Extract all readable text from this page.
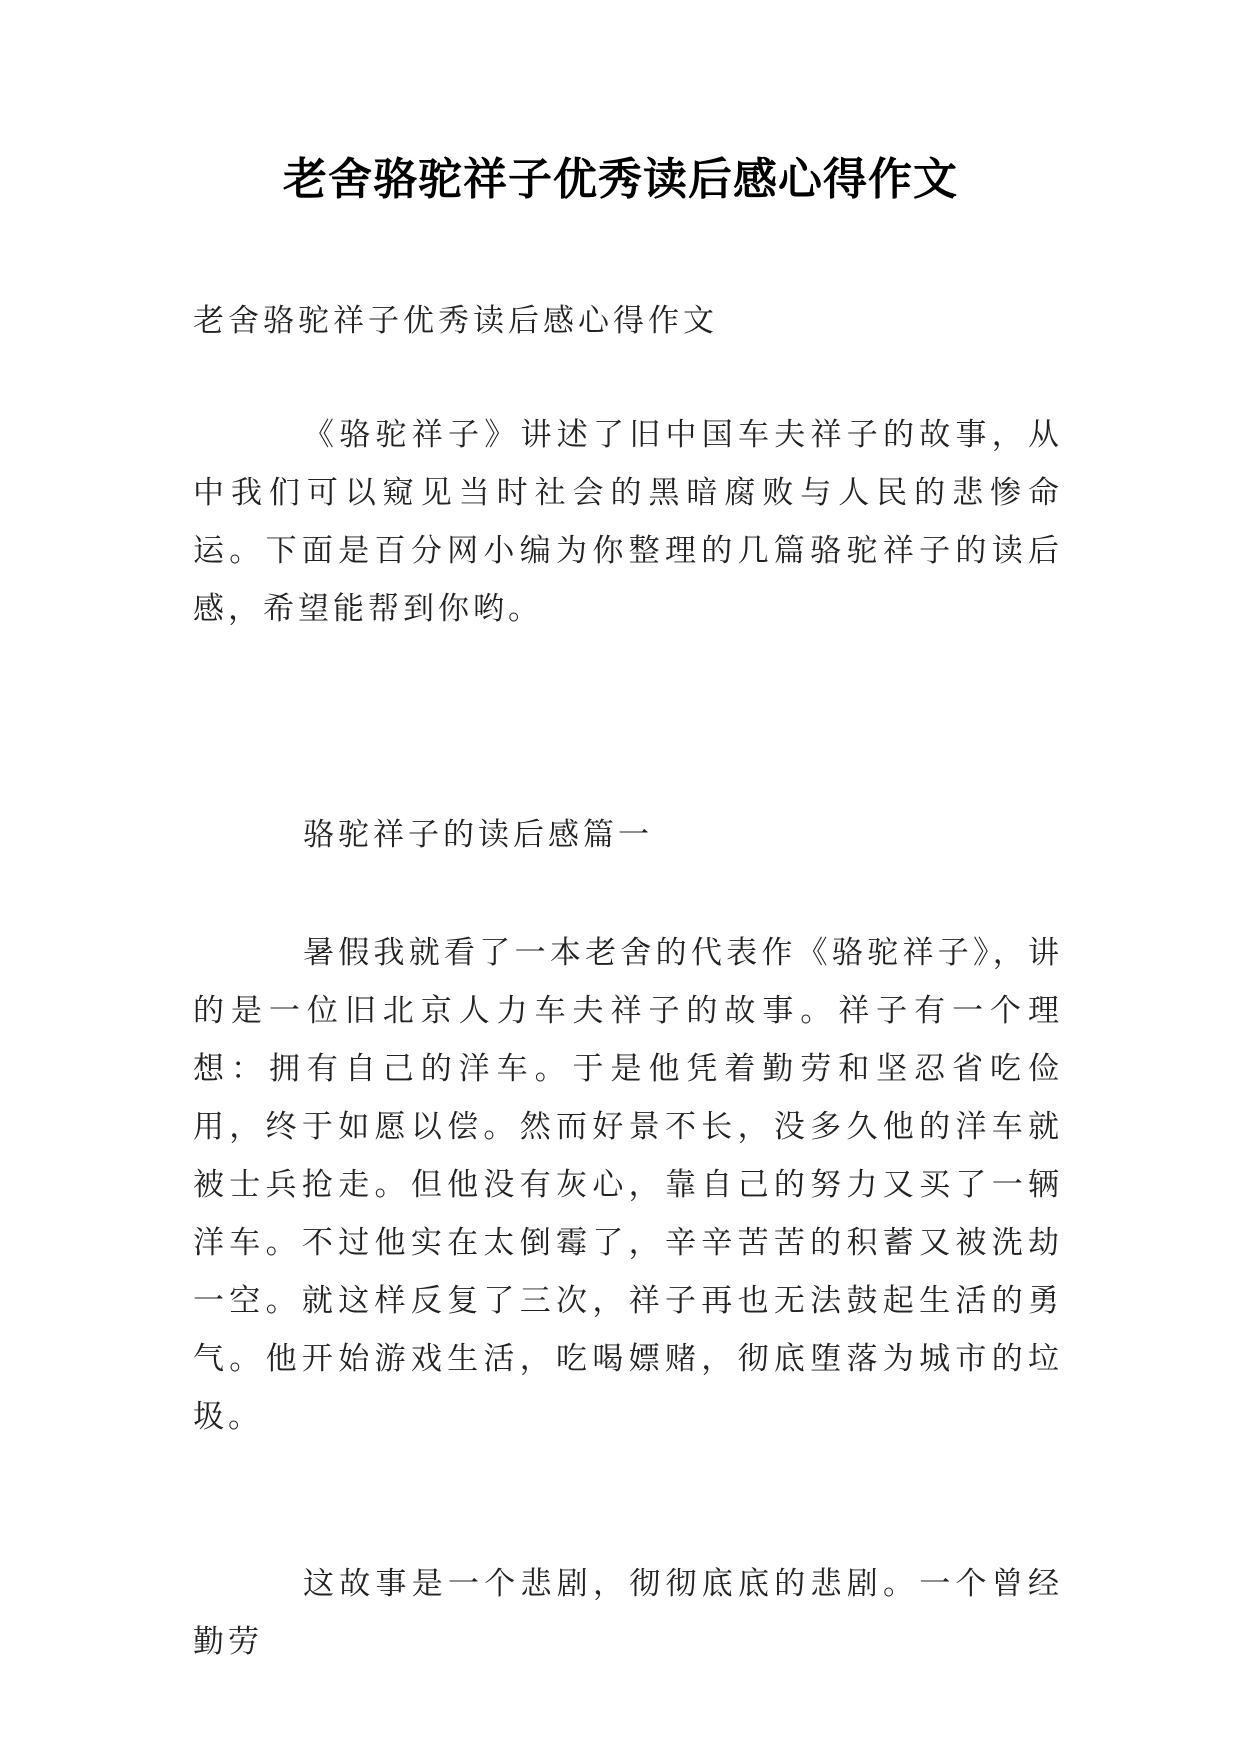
老舍骆驼祥子优秀读后感心得作文
老舍骆驼祥子优秀读后感心得作文
《骆驼祥子》讲述了旧中国车夫祥子的故事，从中我们可以窥见当时社会的黑暗腐败与人民的悲惨命运。下面是百分网小编为你整理的几篇骆驼祥子的读后感，希望能帮到你哟。
骆驼祥子的读后感篇一
暑假我就看了一本老舍的代表作《骆驼祥子》，讲的是一位旧北京人力车夫祥子的故事。祥子有一个理想：拥有自己的洋车。于是他凭着勤劳和坚忍省吃俭用，终于如愿以偿。然而好景不长，没多久他的洋车就被士兵抢走。但他没有灰心，靠自己的努力又买了一辆洋车。不过他实在太倒霉了，辛辛苦苦的积蓄又被洗劫一空。就这样反复了三次，祥子再也无法鼓起生活的勇气。他开始游戏生活，吃喝嫖赌，彻底堕落为城市的垃圾。
这故事是一个悲剧，彻彻底底的悲剧。一个曾经勤劳
